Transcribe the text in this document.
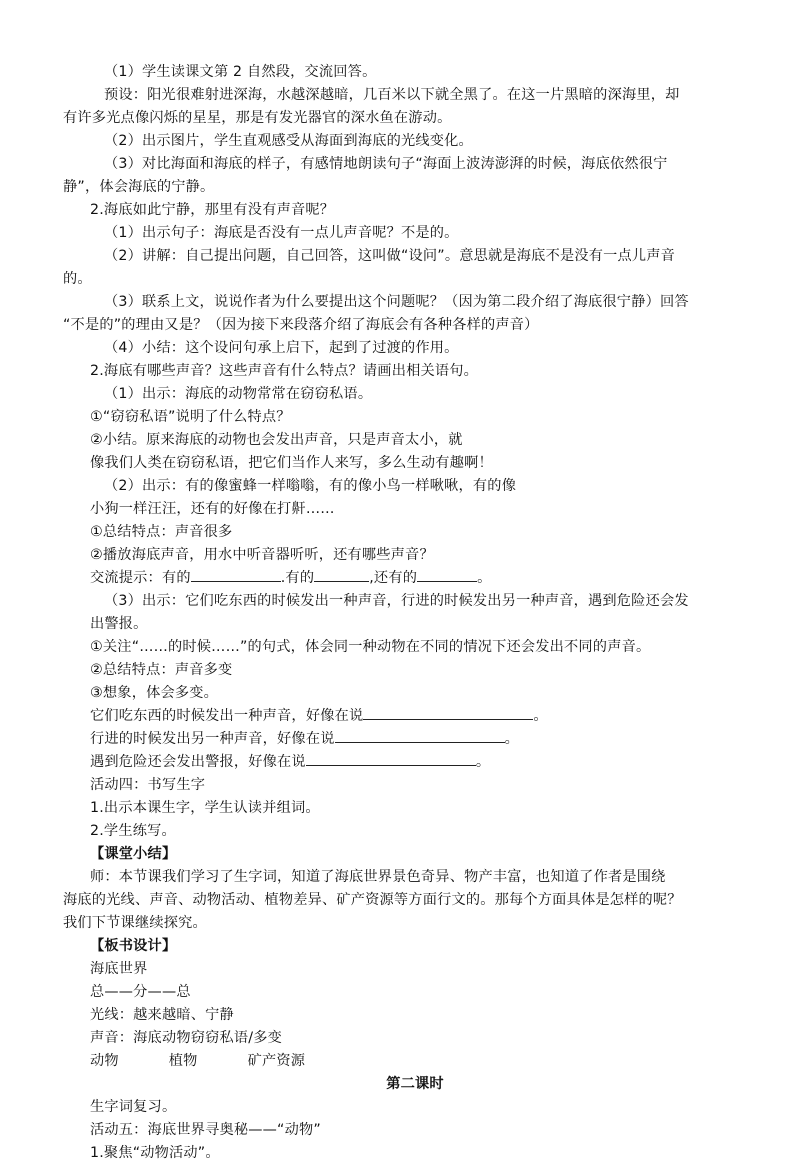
（1）学生读课文第 2 自然段，交流回答。
预设：阳光很难射进深海，水越深越暗，几百米以下就全黑了。在这一片黑暗的深海里，却
有许多光点像闪烁的星星，那是有发光器官的深水鱼在游动。
（2）出示图片，学生直观感受从海面到海底的光线变化。
（3）对比海面和海底的样子，有感情地朗读句子“海面上波涛澎湃的时候，海底依然很宁
静”，体会海底的宁静。
2.海底如此宁静，那里有没有声音呢？
（1）出示句子：海底是否没有一点儿声音呢？不是的。
（2）讲解：自己提出问题，自己回答，这叫做“设问”。意思就是海底不是没有一点儿声音
的。
（3）联系上文，说说作者为什么要提出这个问题呢？（因为第二段介绍了海底很宁静）回答
“不是的”的理由又是？（因为接下来段落介绍了海底会有各种各样的声音）
（4）小结：这个设问句承上启下，起到了过渡的作用。
2.海底有哪些声音？这些声音有什么特点？请画出相关语句。
（1）出示：海底的动物常常在窃窃私语。
①“窃窃私语”说明了什么特点？
②小结。原来海底的动物也会发出声音，只是声音太小，就
像我们人类在窃窃私语，把它们当作人来写，多么生动有趣啊！
（2）出示：有的像蜜蜂一样嗡嗡，有的像小鸟一样啾啾，有的像
小狗一样汪汪，还有的好像在打鼾……
①总结特点：声音很多
②播放海底声音，用水中听音器听听，还有哪些声音？
交流提示：有的	.有的	,还有的	。
（3）出示：它们吃东西的时候发出一种声音，行进的时候发出另一种声音，遇到危险还会发
出警报。
①关注“……的时候……”的句式，体会同一种动物在不同的情况下还会发出不同的声音。
②总结特点：声音多变
③想象，体会多变。
它们吃东西的时候发出一种声音，好像在说	。
行进的时候发出另一种声音，好像在说	。
遇到危险还会发出警报，好像在说	。
活动四：书写生字
1.出示本课生字，学生认读并组词。
2.学生练写。
【课堂小结】
师：本节课我们学习了生字词，知道了海底世界景色奇异、物产丰富，也知道了作者是围绕
海底的光线、声音、动物活动、植物差异、矿产资源等方面行文的。那每个方面具体是怎样的呢？
我们下节课继续探究。
【板书设计】
海底世界
总——分——总
光线：越来越暗、宁静
声音：海底动物窃窃私语/多变
动物	植物	矿产资源
第二课时
生字词复习。
活动五：海底世界寻奥秘——“动物”
1.聚焦“动物活动”。
